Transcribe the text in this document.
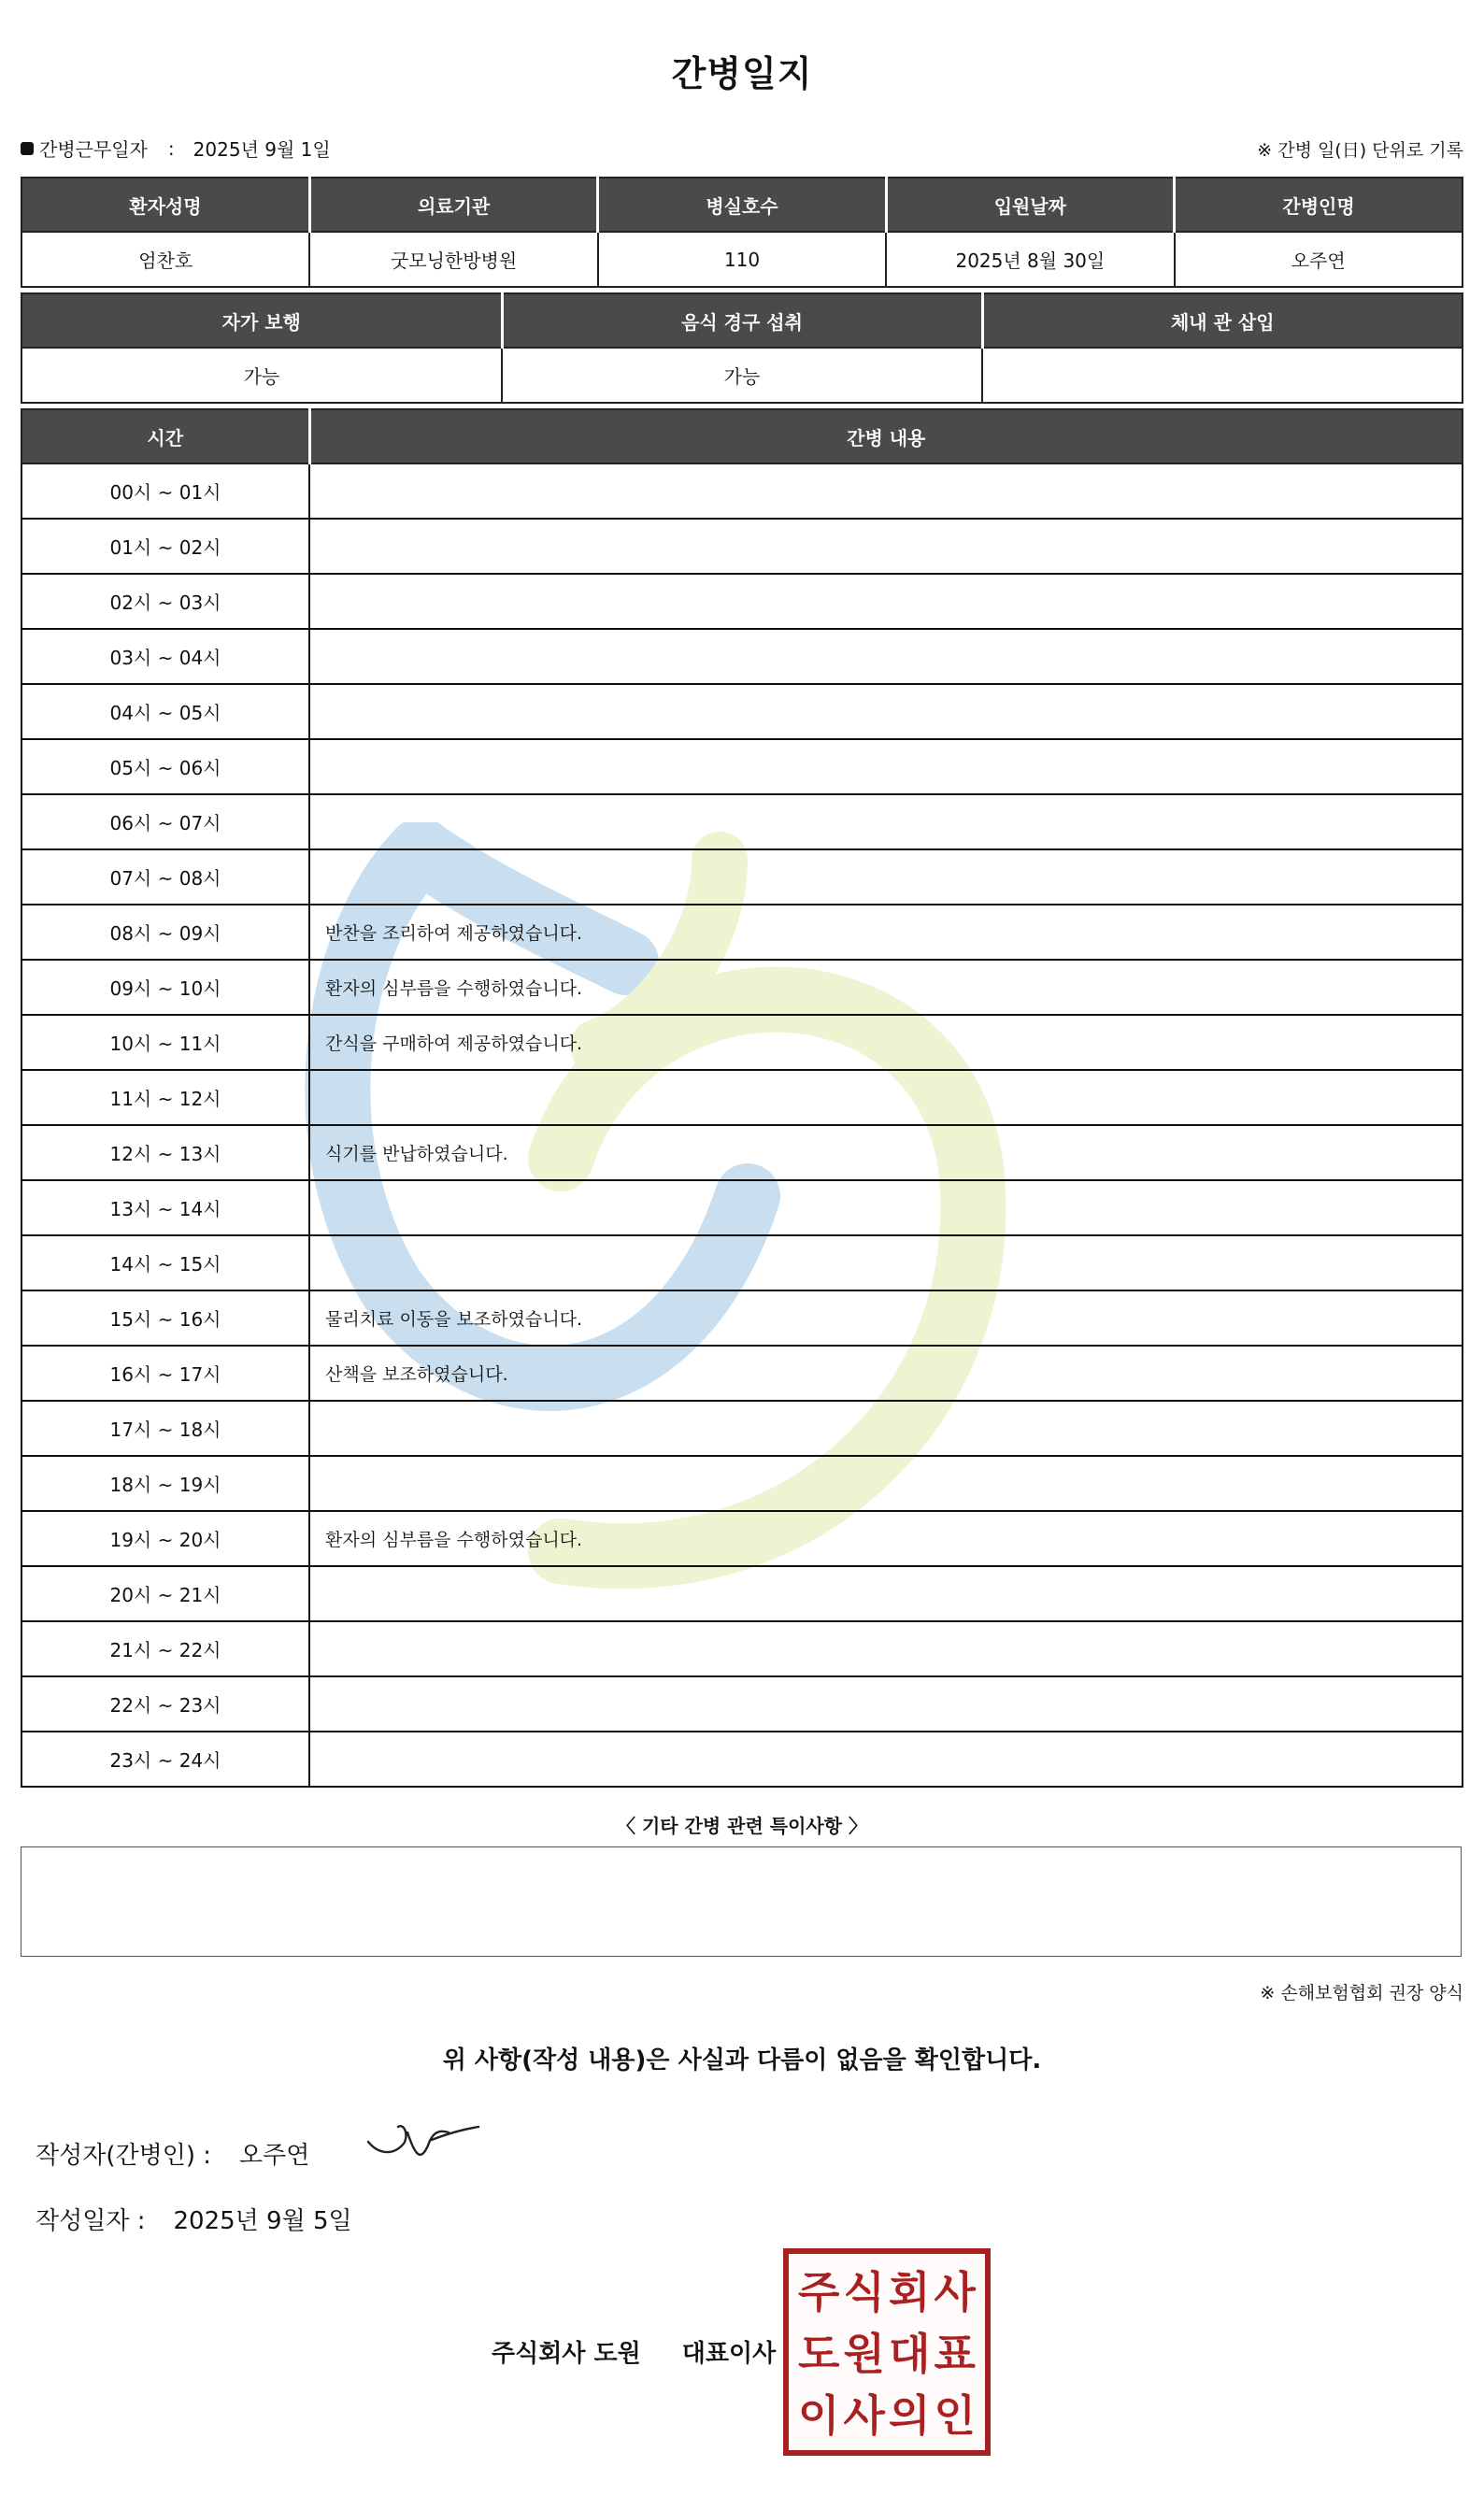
간병일지
간병근무일자 : 2025년 9월 1일	※ 간병 일(日) 단위로 기록
환자성명	의료기관	병실호수	입원날짜	간병인명
엄찬호	굿모닝한방병원	110	2025년 8월 30일	오주연
자가 보행	음식 경구 섭취	체내 관 삽입
가능	가능	
시간	간병 내용
00시 ~ 01시	
01시 ~ 02시	
02시 ~ 03시	
03시 ~ 04시	
04시 ~ 05시	
05시 ~ 06시	
06시 ~ 07시	
07시 ~ 08시	
08시 ~ 09시	반찬을 조리하여 제공하였습니다.
09시 ~ 10시	환자의 심부름을 수행하였습니다.
10시 ~ 11시	간식을 구매하여 제공하였습니다.
11시 ~ 12시	
12시 ~ 13시	식기를 반납하였습니다.
13시 ~ 14시	
14시 ~ 15시	
15시 ~ 16시	물리치료 이동을 보조하였습니다.
16시 ~ 17시	산책을 보조하였습니다.
17시 ~ 18시	
18시 ~ 19시	
19시 ~ 20시	환자의 심부름을 수행하였습니다.
20시 ~ 21시	
21시 ~ 22시	
22시 ~ 23시	
23시 ~ 24시	
〈 기타 간병 관련 특이사항 〉
※ 손해보험협회 권장 양식
위 사항(작성 내용)은 사실과 다름이 없음을 확인합니다.
작성자(간병인) : 오주연
작성일자 : 2025년 9월 5일
주식회사 도원 대표이사
주 식 회 사
도 원 대 표
이 사 의 인
